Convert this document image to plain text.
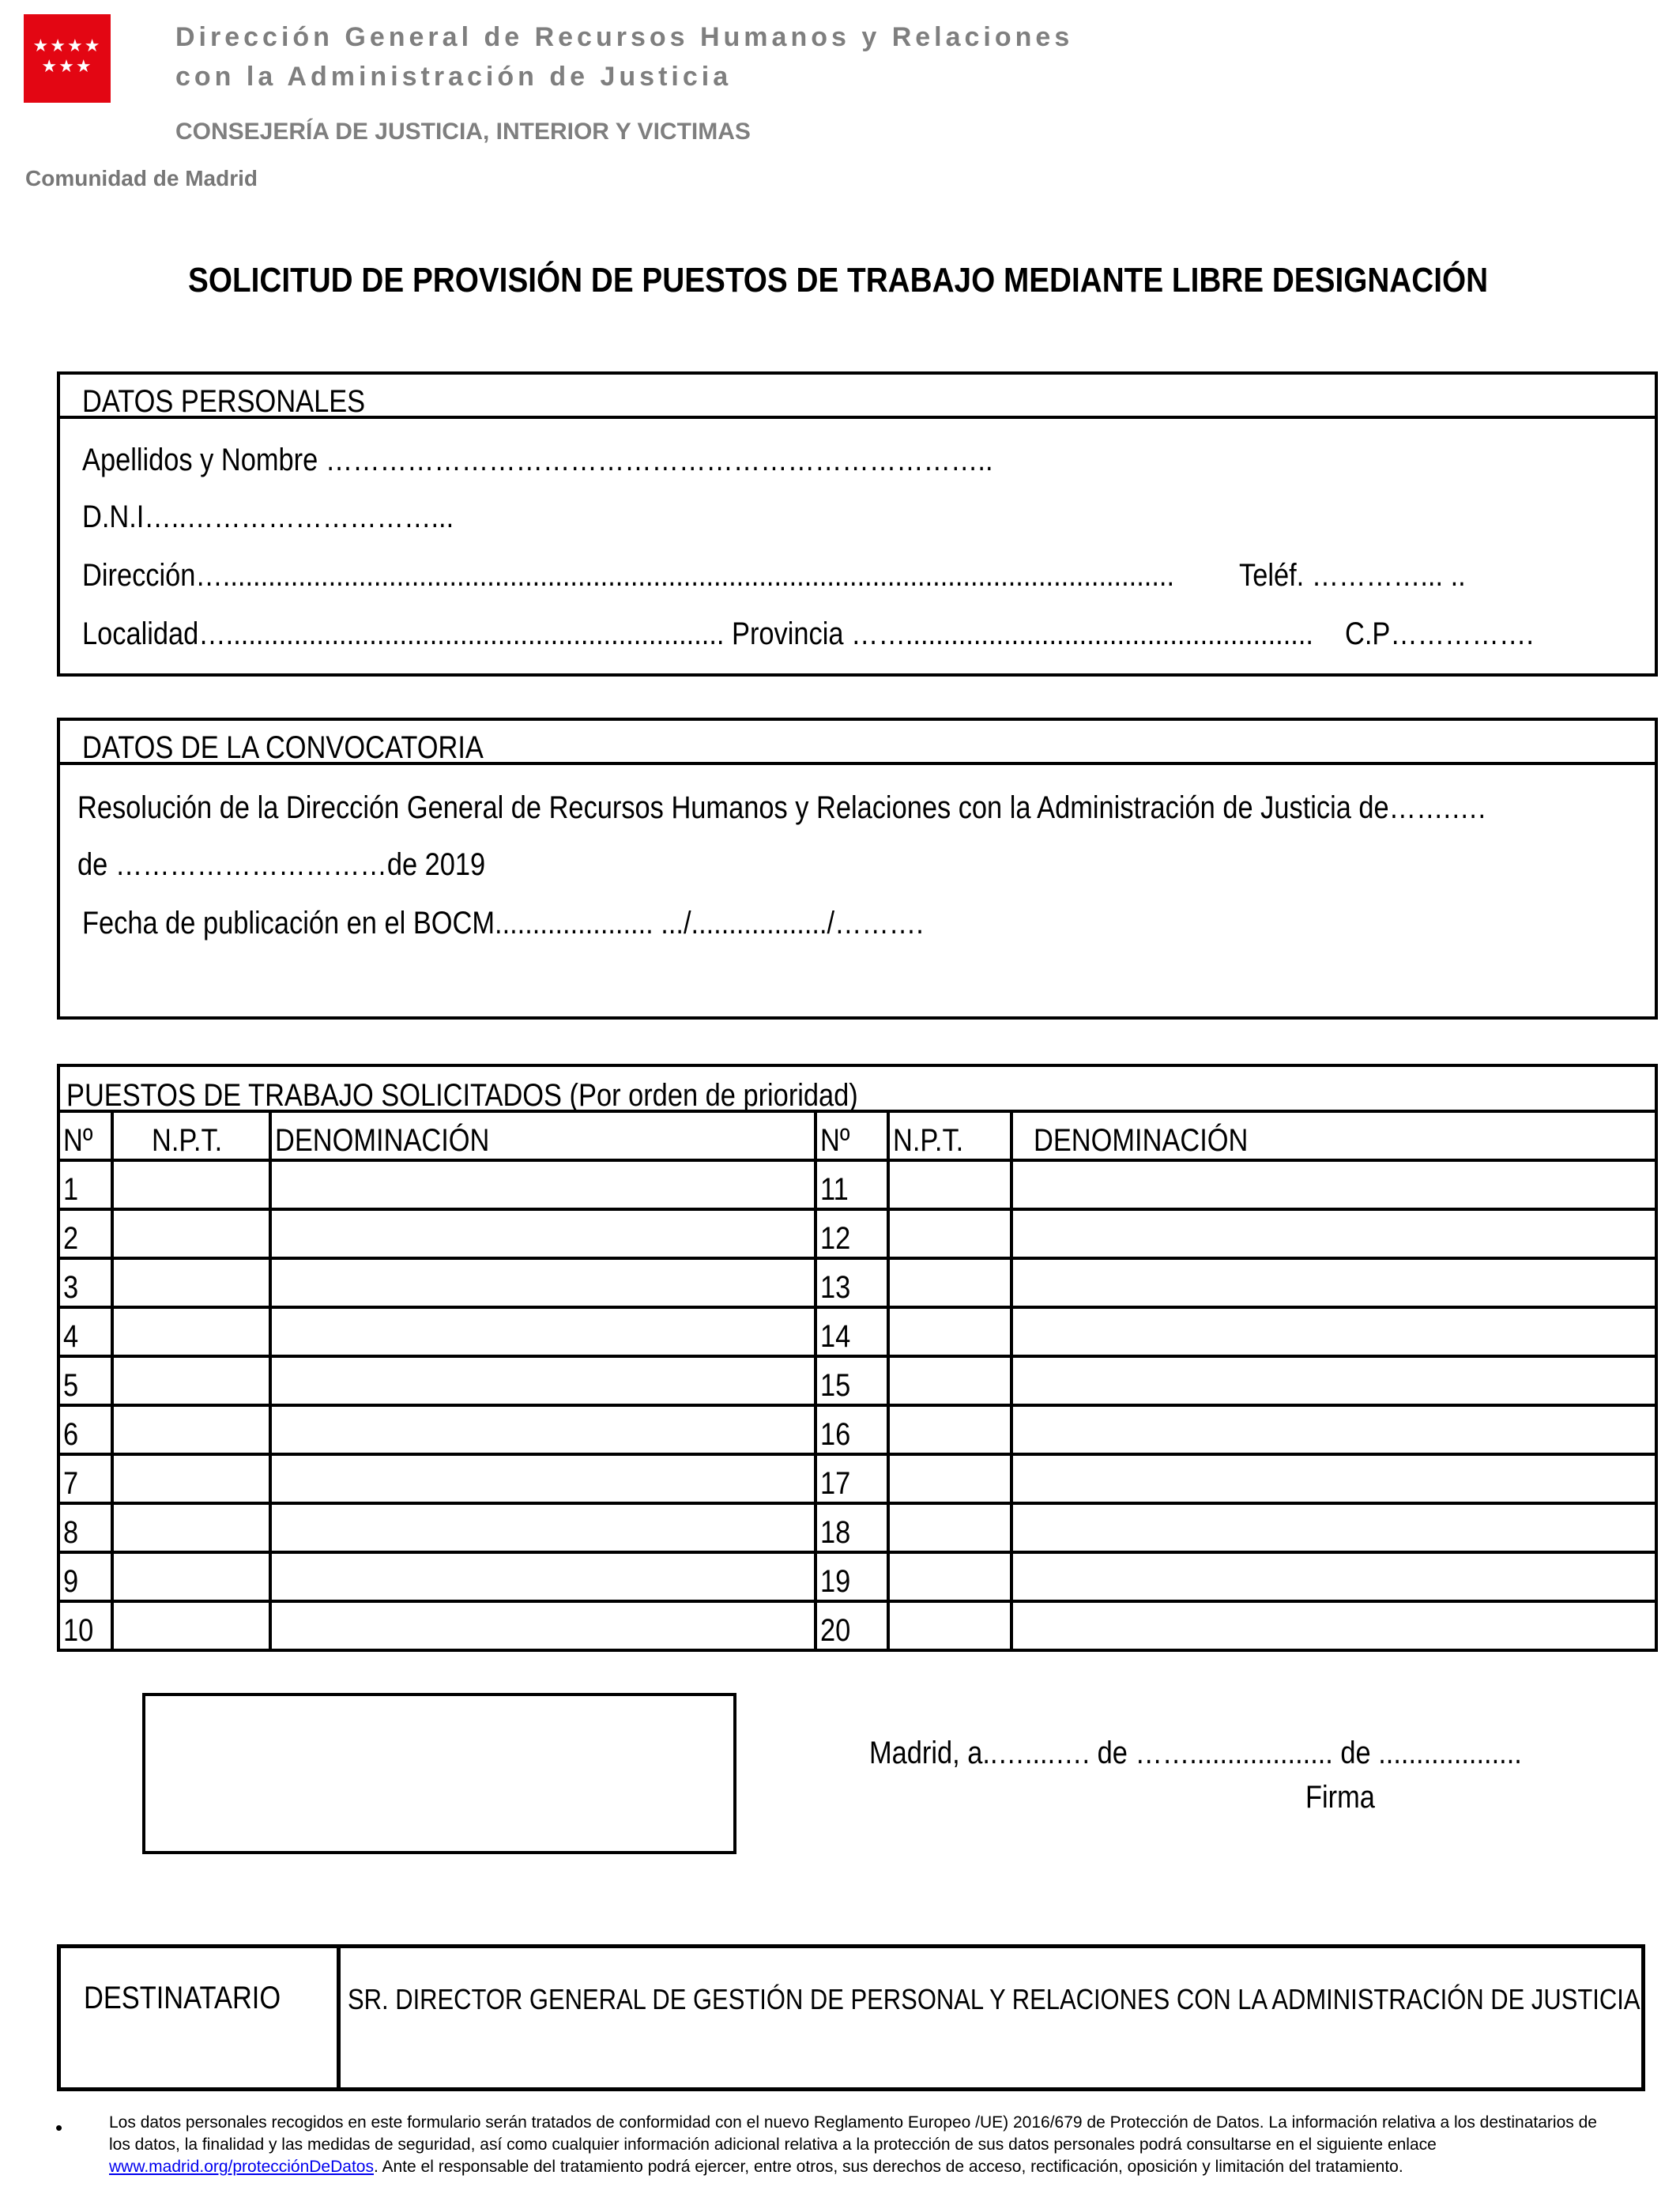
★★★★
★★★
Dirección General de Recursos Humanos y Relaciones
con la Administración de Justicia
CONSEJERÍA DE JUSTICIA, INTERIOR Y VICTIMAS
Comunidad de Madrid
SOLICITUD DE PROVISIÓN DE PUESTOS DE TRABAJO MEDIANTE LIBRE DESIGNACIÓN
DATOS PERSONALES
Apellidos y Nombre ………………………………………………………………..
D.N.I…..………………………...
Dirección….............................................................................................................................. Teléf. …………... ..
Localidad….................................................................. Provincia ……...................................................... C.P…………….
DATOS DE LA CONVOCATORIA
Resolución de la Dirección General de Recursos Humanos y Relaciones con la Administración de Justicia de…….….
de …………………………de 2019
Fecha de publicación en el BOCM..................... .../................../……….
PUESTOS DE TRABAJO SOLICITADOS (Por orden de prioridad)
Nº	N.P.T.	DENOMINACIÓN	Nº	N.P.T.	DENOMINACIÓN
1			11		
2			12		
3			13		
4			14		
5			15		
6			16		
7			17		
8			18		
9			19		
10			20		
Madrid, a..…....…. de ……................... de ...................
Firma
DESTINATARIO SR. DIRECTOR GENERAL DE GESTIÓN DE PERSONAL Y RELACIONES CON LA ADMINISTRACIÓN DE JUSTICIA
•	Los datos personales recogidos en este formulario serán tratados de conformidad con el nuevo Reglamento Europeo /UE) 2016/679 de Protección de Datos. La información relativa a los destinatarios de los datos, la finalidad y las medidas de seguridad, así como cualquier información adicional relativa a la protección de sus datos personales podrá consultarse en el siguiente enlace www.madrid.org/protecciónDeDatos. Ante el responsable del tratamiento podrá ejercer, entre otros, sus derechos de acceso, rectificación, oposición y limitación del tratamiento.
